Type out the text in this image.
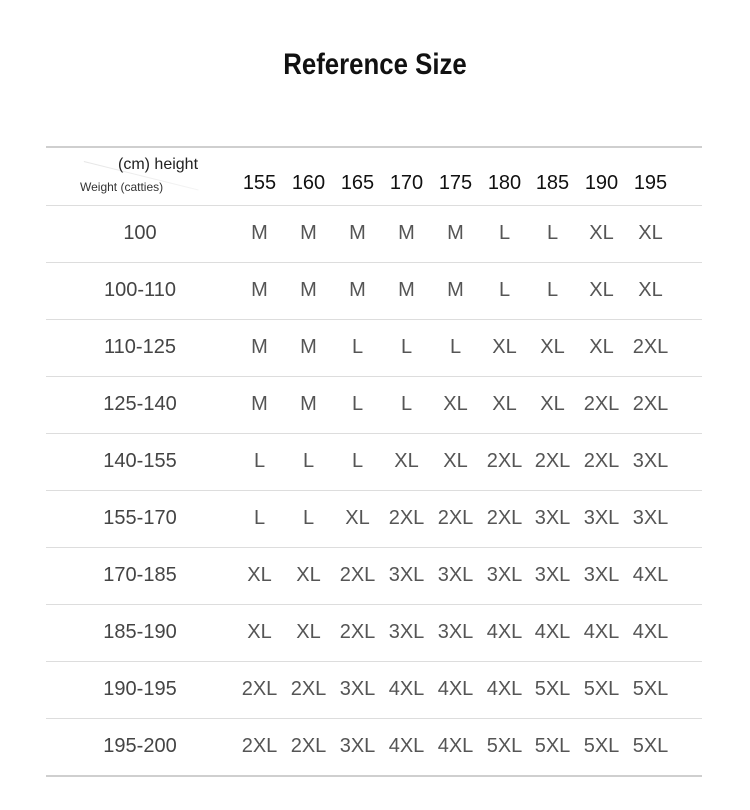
Reference Size
(cm) height
Weight (catties)	155 160 165 170 175 180 185 190 195
100	M	M	M	M	M	L	L	XL	XL
100-110	M	M	M	M	M	L	L	XL	XL
110-125	M	M	L	L	L	XL	XL	XL 2XL
125-140	M	M	L	L	XL	XL	XL 2XL 2XL
140-155	L	L	L	XL	XL 2XL 2XL 2XL 3XL
155-170	L	L	XL 2XL 2XL 2XL 3XL 3XL 3XL
170-185	XL	XL 2XL 3XL 3XL 3XL 3XL 3XL 4XL
185-190	XL	XL 2XL 3XL 3XL 4XL 4XL 4XL 4XL
190-195	2XL 2XL 3XL 4XL 4XL 4XL 5XL 5XL 5XL
195-200	2XL 2XL 3XL 4XL 4XL 5XL 5XL 5XL 5XL
